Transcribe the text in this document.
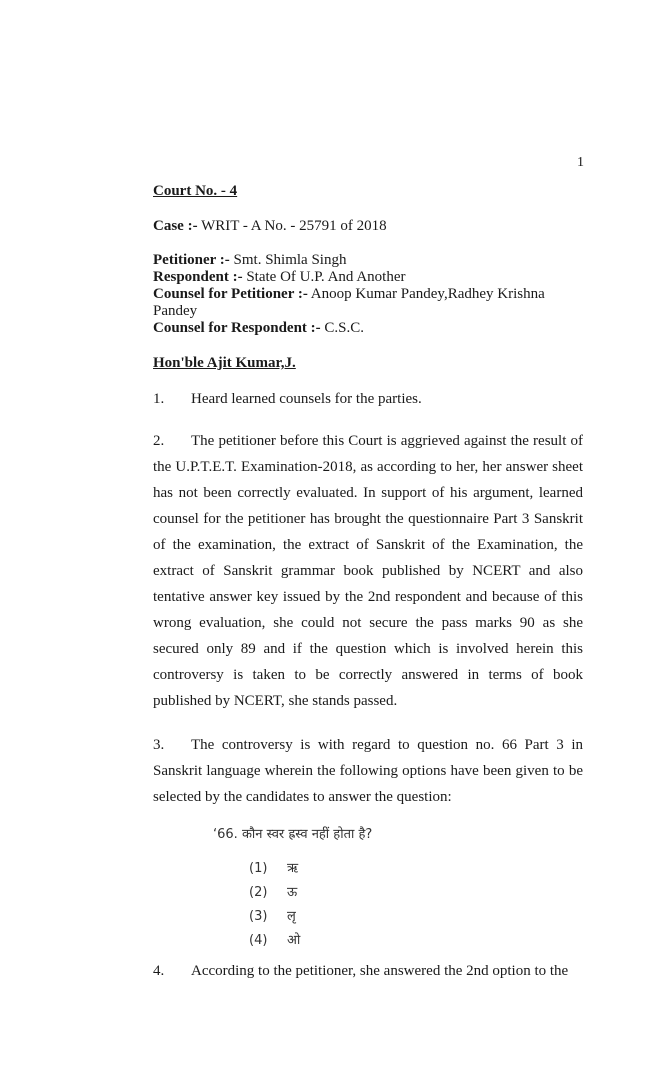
1

Court No. - 4

Case :- WRIT - A No. - 25791 of 2018

Petitioner :- Smt. Shimla Singh

Respondent :- State Of U.P. And Another

Counsel for Petitioner :- Anoop Kumar Pandey,Radhey Krishna Pandey

Counsel for Respondent :- C.S.C.

Hon'ble Ajit Kumar,J.

1. Heard learned counsels for the parties.

2. The petitioner before this Court is aggrieved against the result of the U.P.T.E.T. Examination-2018, as according to her, her answer sheet has not been correctly evaluated. In support of his argument, learned counsel for the petitioner has brought the questionnaire Part 3 Sanskrit of the examination, the extract of Sanskrit of the Examination, the extract of Sanskrit grammar book published by NCERT and also tentative answer key issued by the 2nd respondent and because of this wrong evaluation, she could not secure the pass marks 90 as she secured only 89 and if the question which is involved herein this controversy is taken to be correctly answered in terms of book published by NCERT, she stands passed.

3. The controversy is with regard to question no. 66 Part 3 in Sanskrit language wherein the following options have been given to be selected by the candidates to answer the question:

‘66. कौन स्वर ह्रस्व नहीं होता है?

(1)	ऋ
(2)	ऊ
(3)	लृ
(4)	ओ

4. According to the petitioner, she answered the 2nd option to the
